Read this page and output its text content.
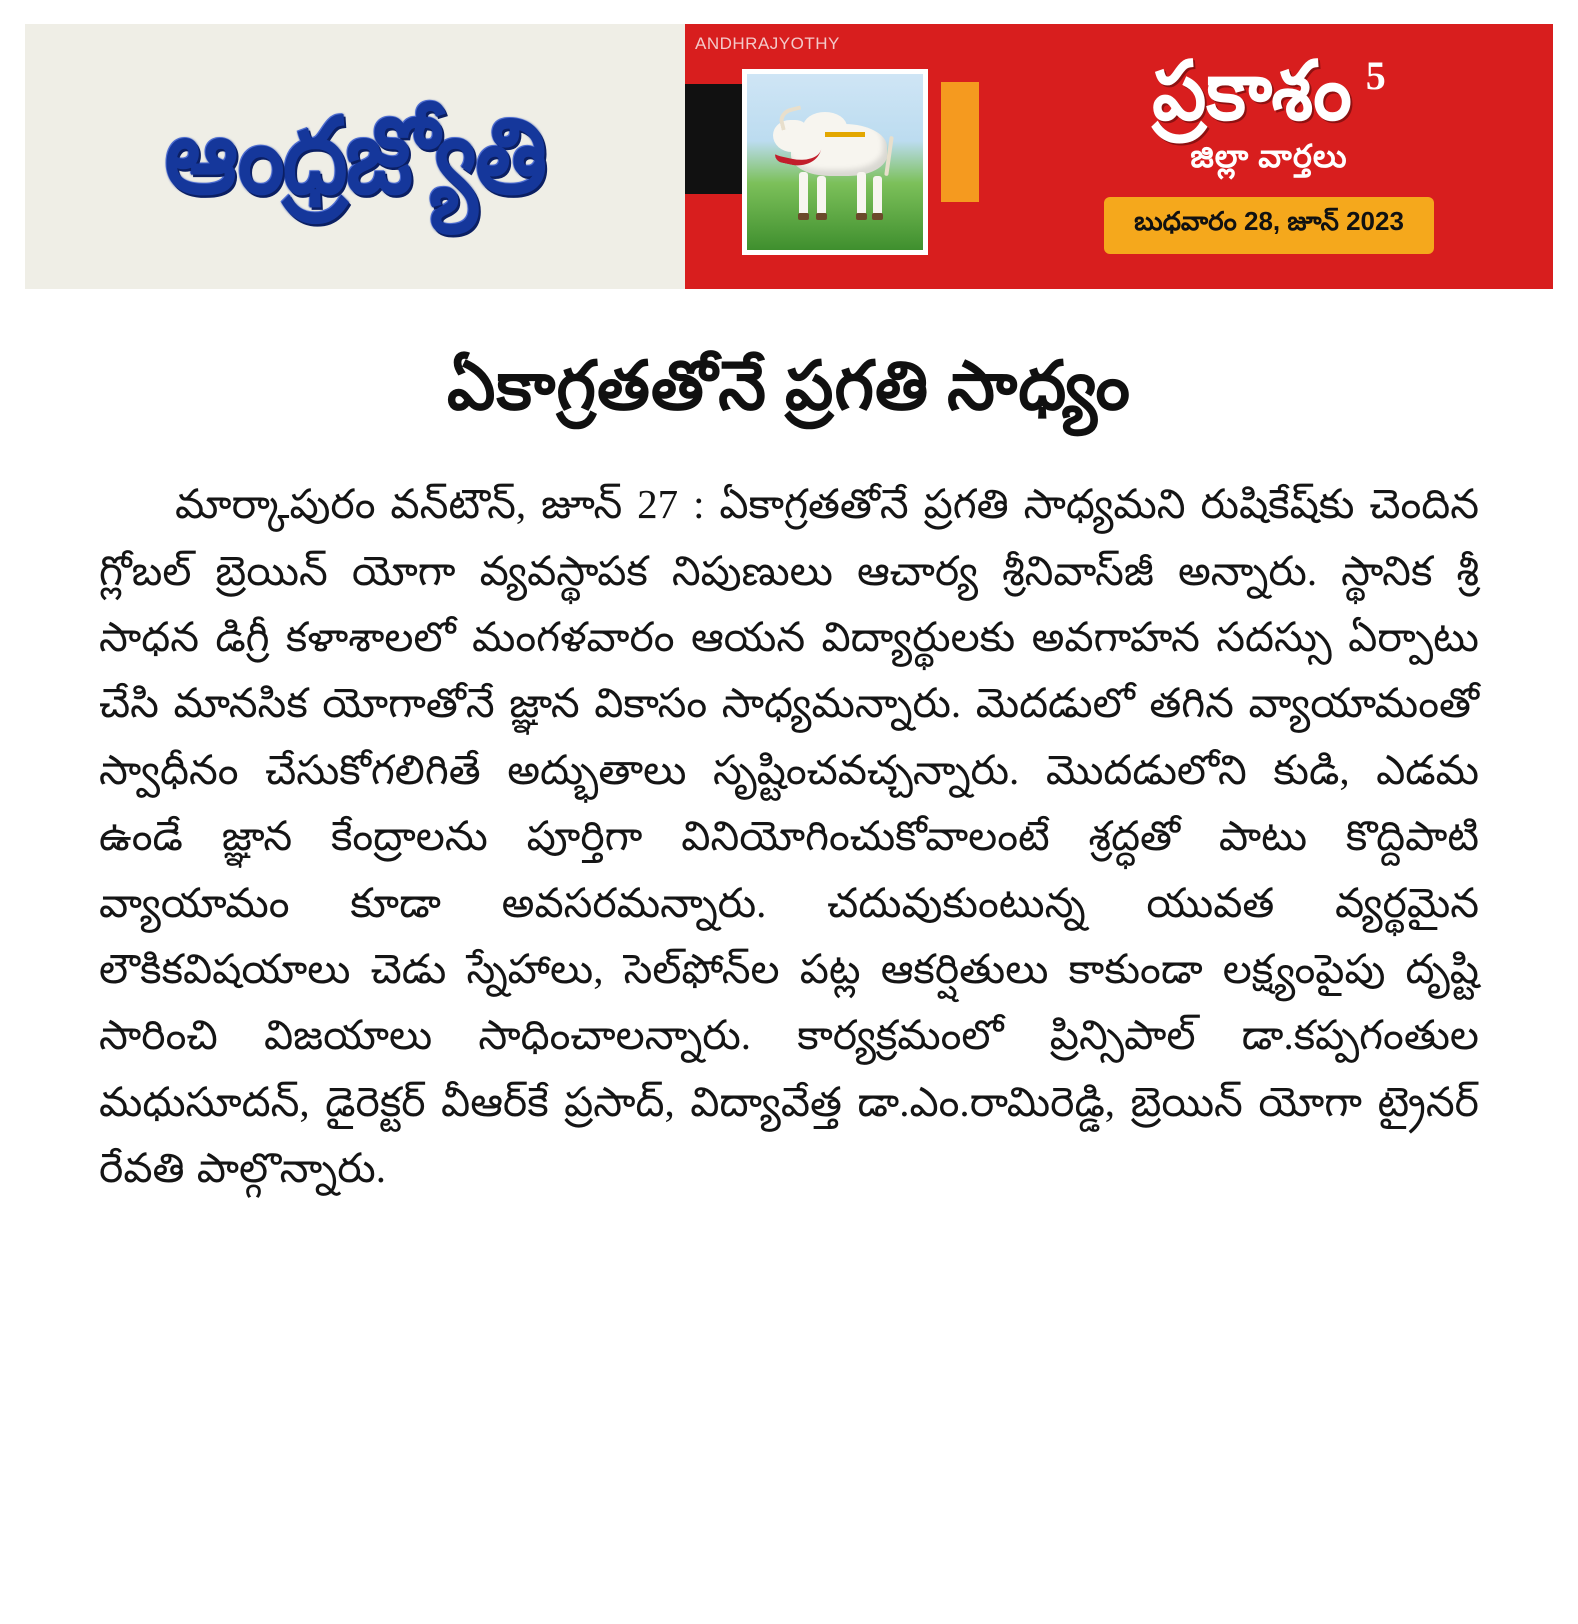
ఆంధ్రజ్యోతి
ANDHRAJYOTHY
ప్రకాశం 5
జిల్లా వార్తలు
బుధవారం 28, జూన్ 2023
ఏకాగ్రతతోనే ప్రగతి సాధ్యం
మార్కాపురం వన్‌టౌన్, జూన్ 27 : ఏకాగ్రతతోనే ప్రగతి సాధ్యమని రుషికేష్‌కు చెందిన గ్లోబల్ బ్రెయిన్ యోగా వ్యవస్థాపక నిపుణులు ఆచార్య శ్రీనివాస్‌జీ అన్నారు. స్థానిక శ్రీ సాధన డిగ్రీ కళాశాలలో మంగళవారం ఆయన విద్యార్థులకు అవగాహన సదస్సు ఏర్పాటు చేసి మానసిక యోగాతోనే జ్ఞాన వికాసం సాధ్యమన్నారు. మెదడులో తగిన వ్యాయామంతో స్వాధీనం చేసుకోగలిగితే అద్భుతాలు సృష్టించవచ్చన్నారు. మొదడులోని కుడి, ఎడమ ఉండే జ్ఞాన కేంద్రాలను పూర్తిగా వినియోగించుకోవాలంటే శ్రద్ధతో పాటు కొద్దిపాటి వ్యాయామం కూడా అవసరమన్నారు. చదువుకుంటున్న యువత వ్యర్థమైన లౌకికవిషయాలు చెడు స్నేహాలు, సెల్‌ఫోన్‌ల పట్ల ఆకర్షితులు కాకుండా లక్ష్యంపైపు దృష్టి సారించి విజయాలు సాధించాలన్నారు. కార్యక్రమంలో ప్రిన్సిపాల్ డా.కప్పగంతుల మధుసూదన్, డైరెక్టర్ వీఆర్‌కే ప్రసాద్, విద్యావేత్త డా.ఎం.రామిరెడ్డి, బ్రెయిన్ యోగా ట్రైనర్ రేవతి పాల్గొన్నారు.
